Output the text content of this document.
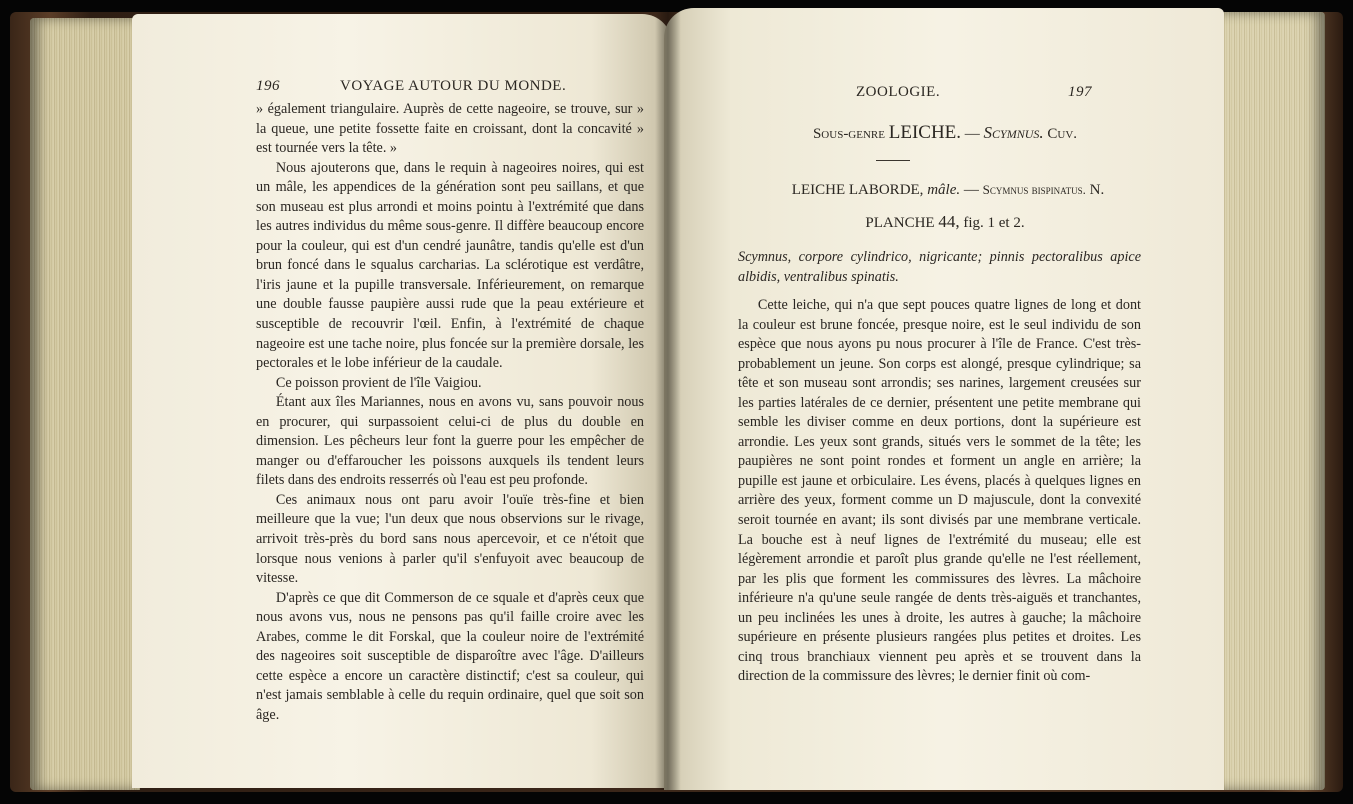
196	VOYAGE AUTOUR DU MONDE.

» également triangulaire. Auprès de cette nageoire, se trouve, sur » la queue, une petite fossette faite en croissant, dont la concavité » est tournée vers la tête. »

Nous ajouterons que, dans le requin à nageoires noires, qui est un mâle, les appendices de la génération sont peu saillans, et que son museau est plus arrondi et moins pointu à l'extrémité que dans les autres individus du même sous-genre. Il diffère beaucoup encore pour la couleur, qui est d'un cendré jaunâtre, tandis qu'elle est d'un brun foncé dans le squalus carcharias. La sclérotique est verdâtre, l'iris jaune et la pupille transversale. Inférieurement, on remarque une double fausse paupière aussi rude que la peau extérieure et susceptible de recouvrir l'œil. Enfin, à l'extrémité de chaque nageoire est une tache noire, plus foncée sur la première dorsale, les pectorales et le lobe inférieur de la caudale.

Ce poisson provient de l'île Vaigiou.

Étant aux îles Mariannes, nous en avons vu, sans pouvoir nous en procurer, qui surpassoient celui-ci de plus du double en dimension. Les pêcheurs leur font la guerre pour les empêcher de manger ou d'effaroucher les poissons auxquels ils tendent leurs filets dans des endroits resserrés où l'eau est peu profonde.

Ces animaux nous ont paru avoir l'ouïe très-fine et bien meilleure que la vue; l'un deux que nous observions sur le rivage, arrivoit très-près du bord sans nous apercevoir, et ce n'étoit que lorsque nous venions à parler qu'il s'enfuyoit avec beaucoup de vitesse.

D'après ce que dit Commerson de ce squale et d'après ceux que nous avons vus, nous ne pensons pas qu'il faille croire avec les Arabes, comme le dit Forskal, que la couleur noire de l'extrémité des nageoires soit susceptible de disparoître avec l'âge. D'ailleurs cette espèce a encore un caractère distinctif; c'est sa couleur, qui n'est jamais semblable à celle du requin ordinaire, quel que soit son âge.

ZOOLOGIE.	197
Sous-genre LEICHE. — Scymnus. Cuv.
LEICHE LABORDE, mâle. — Scymnus bispinatus. N.
PLANCHE 44, fig. 1 et 2.
Scymnus, corpore cylindrico, nigricante; pinnis pectoralibus apice albidis, ventralibus spinatis.

Cette leiche, qui n'a que sept pouces quatre lignes de long et dont la couleur est brune foncée, presque noire, est le seul individu de son espèce que nous ayons pu nous procurer à l'île de France. C'est très-probablement un jeune. Son corps est alongé, presque cylindrique; sa tête et son museau sont arrondis; ses narines, largement creusées sur les parties latérales de ce dernier, présentent une petite membrane qui semble les diviser comme en deux portions, dont la supérieure est arrondie. Les yeux sont grands, situés vers le sommet de la tête; les paupières ne sont point rondes et forment un angle en arrière; la pupille est jaune et orbiculaire. Les évens, placés à quelques lignes en arrière des yeux, forment comme un D majuscule, dont la convexité seroit tournée en avant; ils sont divisés par une membrane verticale. La bouche est à neuf lignes de l'extrémité du museau; elle est légèrement arrondie et paroît plus grande qu'elle ne l'est réellement, par les plis que forment les commissures des lèvres. La mâchoire inférieure n'a qu'une seule rangée de dents très-aiguës et tranchantes, un peu inclinées les unes à droite, les autres à gauche; la mâchoire supérieure en présente plusieurs rangées plus petites et droites. Les cinq trous branchiaux viennent peu après et se trouvent dans la direction de la commissure des lèvres; le dernier finit où com-
